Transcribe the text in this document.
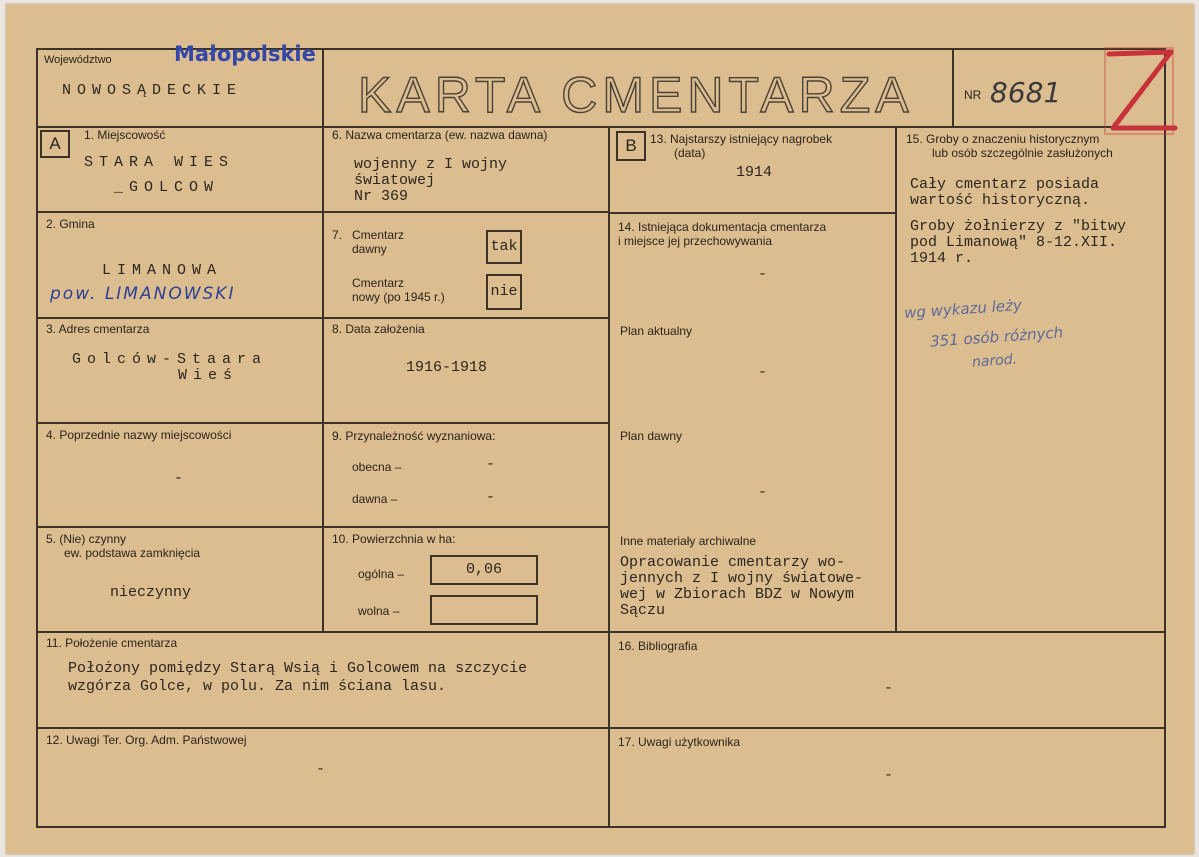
Województwo	Małopolskie
NOWOSĄDECKIE KARTA CMENTARZA	NR 8681
A	1. Miejscowość
STARA WIES
_GOLCOW
2. Gmina
LIMANOWA
pow. LIMANOWSKI
3. Adres cmentarza
Golców-Staara
Wieś
4. Poprzednie nazwy miejscowości
-
5. (Nie) czynny
ew. podstawa zamknięcia
nieczynny
6. Nazwa cmentarza (ew. nazwa dawna)
wojenny z I wojny
światowej
Nr 369
7. Cmentarz
dawny	tak
Cmentarz
nowy (po 1945 r.)	nie
8. Data założenia
1916-1918
9. Przynależność wyznaniowa:
obecna –	-
dawna –	-
10. Powierzchnia w ha:
ogólna –	0,06
wolna –
11. Położenie cmentarza
Położony pomiędzy Starą Wsią i Golcowem na szczycie
wzgórza Golce, w polu. Za nim ściana lasu.
12. Uwagi Ter. Org. Adm. Państwowej
-
B	13. Najstarszy istniejący nagrobek
(data)
1914
14. Istniejąca dokumentacja cmentarza
i miejsce jej przechowywania
-
Plan aktualny
-
Plan dawny
-
Inne materiały archiwalne
Opracowanie cmentarzy wo-
jennych z I wojny światowe-
wej w Zbiorach BDZ w Nowym
Sączu
15. Groby o znaczeniu historycznym
lub osób szczególnie zasłużonych
Cały cmentarz posiada
wartość historyczną.
Groby żołnierzy z "bitwy
pod Limanową" 8-12.XII.
1914 r.
wg wykazu leży
351 osób różnych
narod.
16. Bibliografia
-
17. Uwagi użytkownika
-
